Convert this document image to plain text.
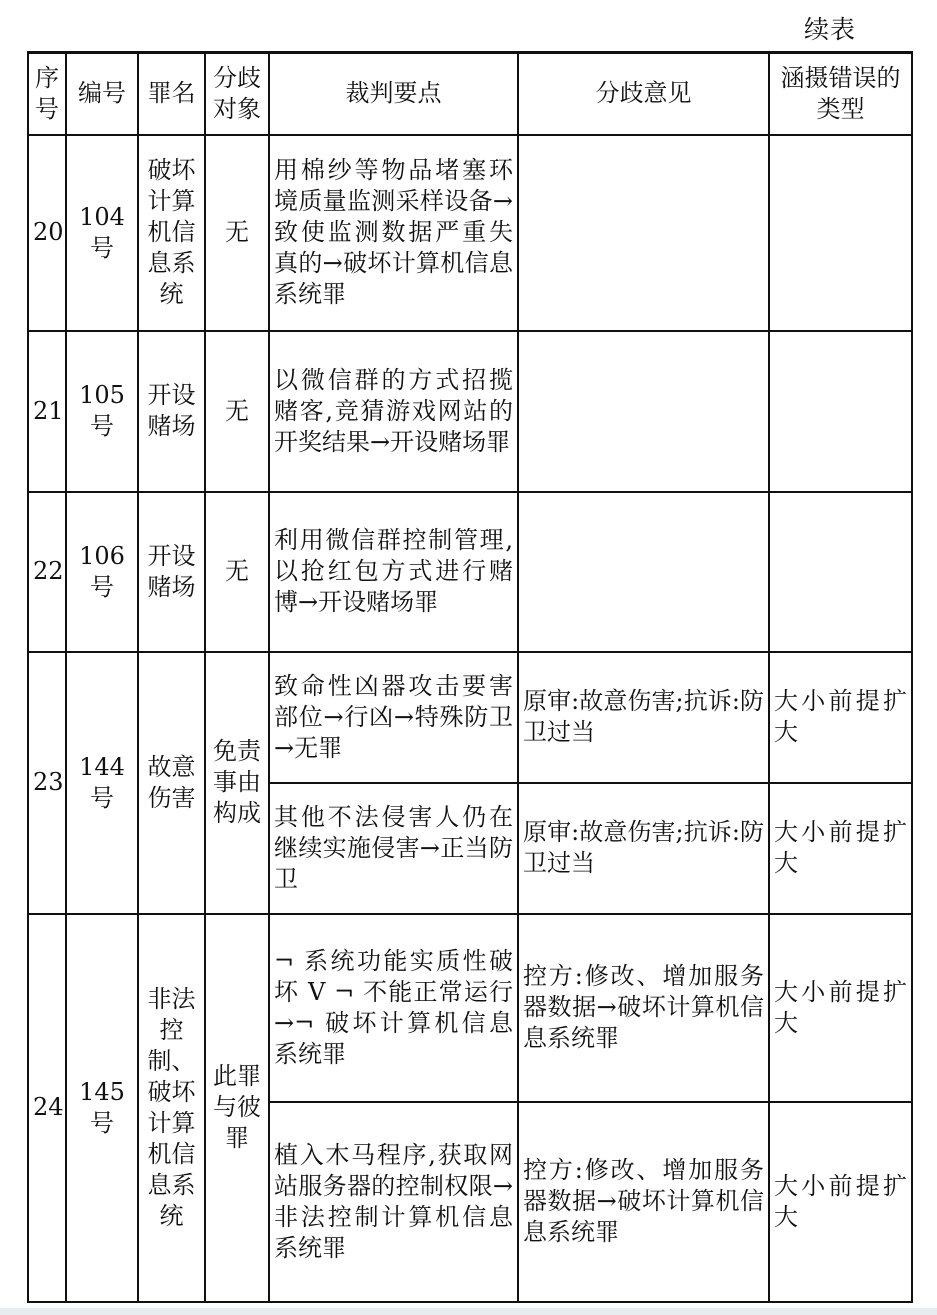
续表
序号	编号	罪名	分歧对象	裁判要点	分歧意见	涵摄错误的类型
20	104号	破坏计算机信息系统	无	用棉纱等物品堵塞环境质量监测采样设备→致使监测数据严重失真的→破坏计算机信息系统罪		
21	105号	开设赌场	无	以微信群的方式招揽赌客,竞猜游戏网站的开奖结果→开设赌场罪		
22	106号	开设赌场	无	利用微信群控制管理,以抢红包方式进行赌博→开设赌场罪		
23	144号	故意伤害	免责事由构成	致命性凶器攻击要害部位→行凶→特殊防卫→无罪	原审:故意伤害;抗诉:防卫过当	大小前提扩大
				其他不法侵害人仍在继续实施侵害→正当防卫	原审:故意伤害;抗诉:防卫过当	大小前提扩大
24	145号	非法控制、破坏计算机信息系统	此罪与彼罪	¬ 系统功能实质性破坏 V ¬ 不能正常运行→¬ 破坏计算机信息系统罪	控方:修改、增加服务器数据→破坏计算机信息系统罪	大小前提扩大
				植入木马程序,获取网站服务器的控制权限→非法控制计算机信息系统罪	控方:修改、增加服务器数据→破坏计算机信息系统罪	大小前提扩大
